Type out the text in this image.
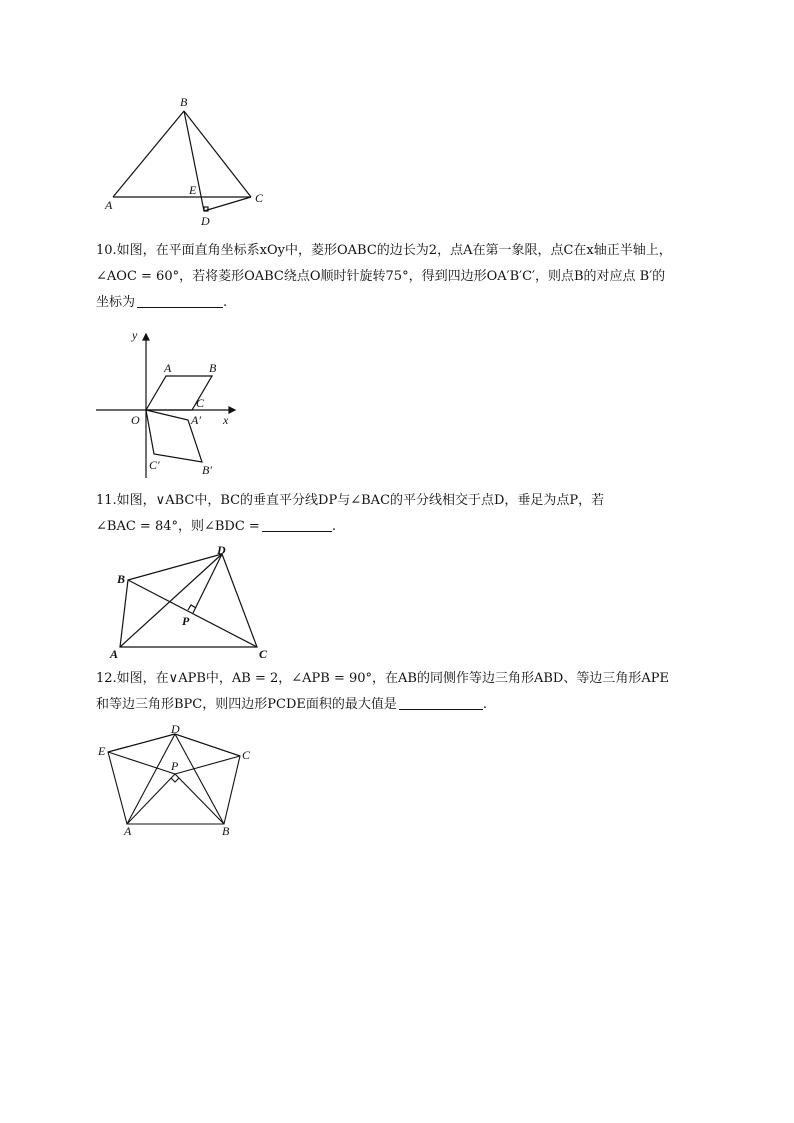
B
A	C
E
D
10.如图，在平面直角坐标系xOy中，菱形OABC的边长为2，点A在第一象限，点C在x轴正半轴上，
∠AOC = 60°，若将菱形OABC绕点O顺时针旋转75°，得到四边形OA′B′C′，则点B的对应点 B′的
坐标为	.
y
x
O
A	B
C
A′
B′
C′
11.如图，∨ABC中，BC的垂直平分线DP与∠BAC的平分线相交于点D，垂足为点P，若
∠BAC = 84°，则∠BDC =	.
B
A	C
D
P
12.如图，在∨APB中，AB = 2，∠APB = 90°，在AB的同侧作等边三角形ABD、等边三角形APE
和等边三角形BPC，则四边形PCDE面积的最大值是	.
D
E	C
P
A	B
